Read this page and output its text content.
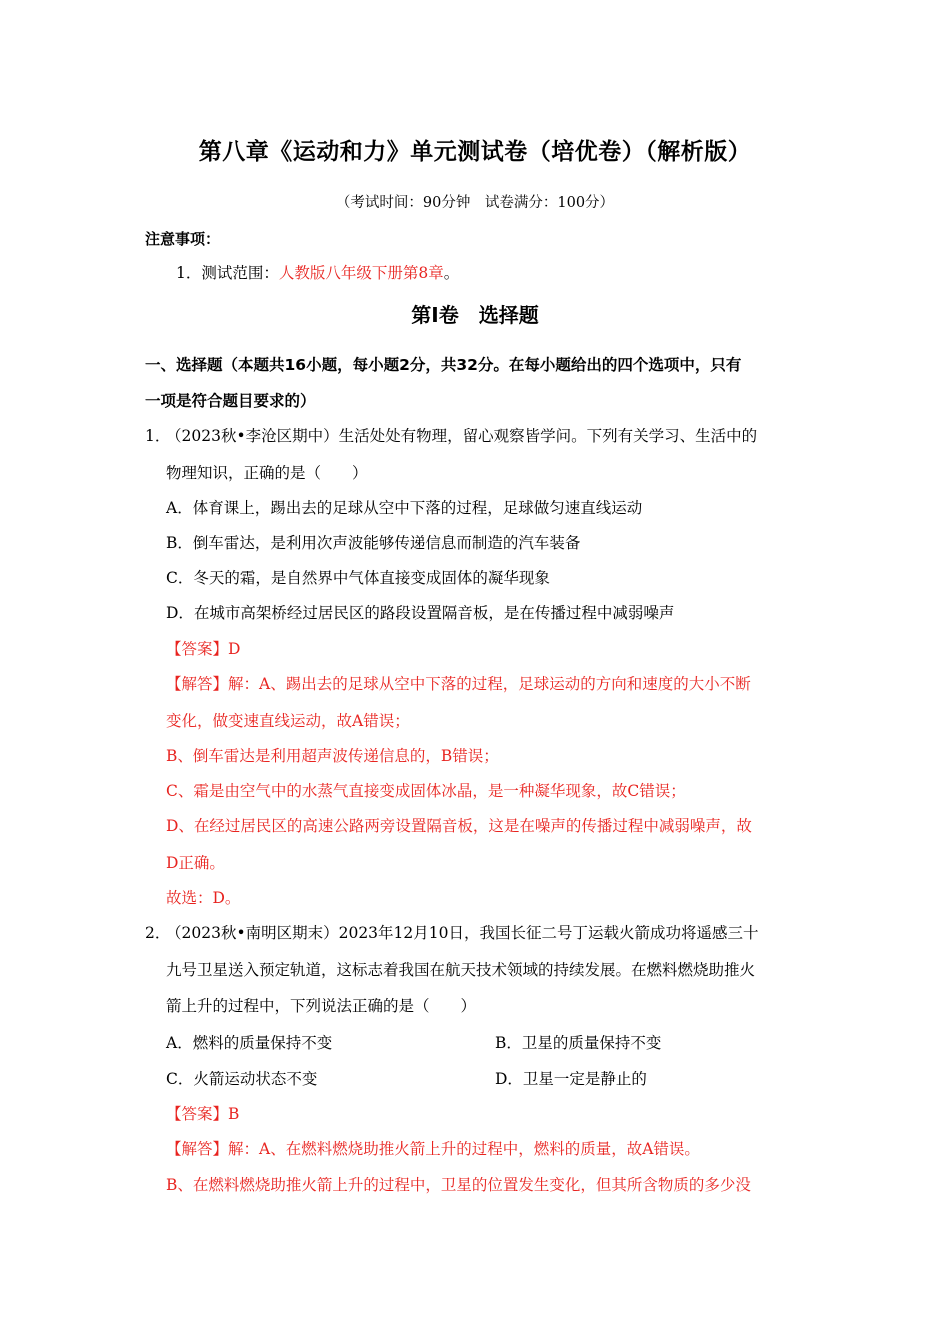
第八章《运动和力》单元测试卷（培优卷）（解析版）
（考试时间：90分钟　试卷满分：100分）
注意事项：
1．测试范围：人教版八年级下册第8章。
第Ⅰ卷　选择题
一、选择题（本题共16小题，每小题2分，共32分。在每小题给出的四个选项中，只有
一项是符合题目要求的）
1．
（2023秋•李沧区期中）生活处处有物理，留心观察皆学问。下列有关学习、生活中的
物理知识，正确的是（　　）
A．体育课上，踢出去的足球从空中下落的过程，足球做匀速直线运动
B．倒车雷达，是利用次声波能够传递信息而制造的汽车装备
C．冬天的霜，是自然界中气体直接变成固体的凝华现象
D．在城市高架桥经过居民区的路段设置隔音板，是在传播过程中减弱噪声
【答案】D
【解答】解：A、踢出去的足球从空中下落的过程，足球运动的方向和速度的大小不断
变化，做变速直线运动，故A错误；
B、倒车雷达是利用超声波传递信息的，B错误；
C、霜是由空气中的水蒸气直接变成固体冰晶，是一种凝华现象，故C错误；
D、在经过居民区的高速公路两旁设置隔音板，这是在噪声的传播过程中减弱噪声，故
D正确。
故选：D。
2．
（2023秋•南明区期末）2023年12月10日，我国长征二号丁运载火箭成功将遥感三十
九号卫星送入预定轨道，这标志着我国在航天技术领域的持续发展。在燃料燃烧助推火
箭上升的过程中，下列说法正确的是（　　）
A．燃料的质量保持不变	B．卫星的质量保持不变
C．火箭运动状态不变	D．卫星一定是静止的
【答案】B
【解答】解：A、在燃料燃烧助推火箭上升的过程中，燃料的质量，故A错误。
B、在燃料燃烧助推火箭上升的过程中，卫星的位置发生变化，但其所含物质的多少没
